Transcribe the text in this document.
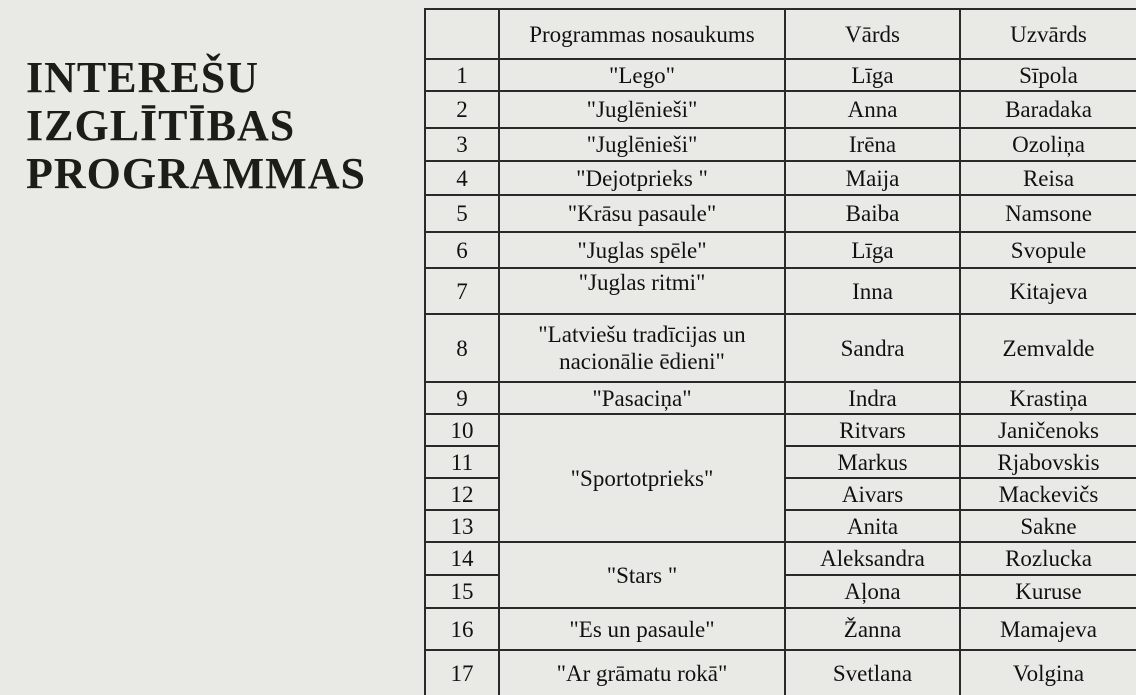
INTEREŠU
IZGLĪTĪBAS
PROGRAMMAS
	Programmas nosaukums	Vārds	Uzvārds
1	"Lego"	Līga	Sīpola
2	"Juglēnieši"	Anna	Baradaka
3	"Juglēnieši"	Irēna	Ozoliņa
4	"Dejotprieks "	Maija	Reisa
5	"Krāsu pasaule"	Baiba	Namsone
6	"Juglas spēle"	Līga	Svopule
7	"Juglas ritmi"	Inna	Kitajeva
8	"Latviešu tradīcijas un nacionālie ēdieni"	Sandra	Zemvalde
9	"Pasaciņa"	Indra	Krastiņa
10	"Sportotprieks"	Ritvars	Janičenoks
11		Markus	Rjabovskis
12		Aivars	Mackevičs
13		Anita	Sakne
14	"Stars "	Aleksandra	Rozlucka
15		Aļona	Kuruse
16	"Es un pasaule"	Žanna	Mamajeva
17	"Ar grāmatu rokā"	Svetlana	Volgina
